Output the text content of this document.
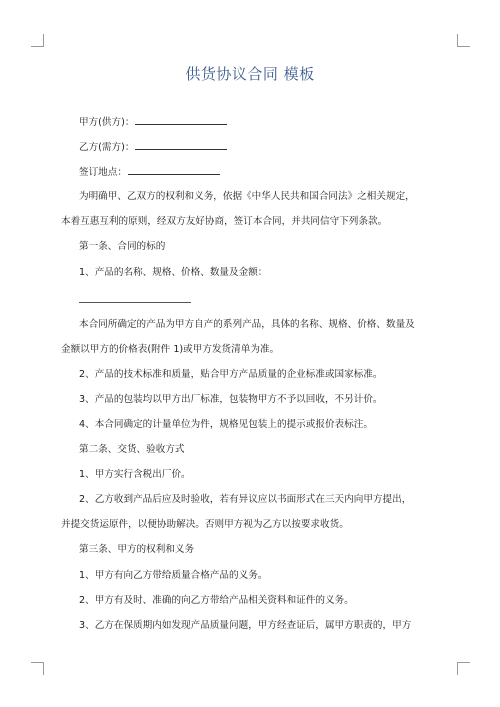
供货协议合同 模板
甲方(供方)：
乙方(需方)：
签订地点：
为明确甲、乙双方的权利和义务，依据《中华人民共和国合同法》之相关规定，
本着互惠互利的原则，经双方友好协商，签订本合同，并共同信守下列条款。
第一条、合同的标的
1、产品的名称、规格、价格、数量及金额：
本合同所确定的产品为甲方自产的系列产品，具体的名称、规格、价格、数量及
金额以甲方的价格表(附件 1)或甲方发货清单为准。
2、产品的技术标准和质量，贴合甲方产品质量的企业标准或国家标准。
3、产品的包装均以甲方出厂标准，包装物甲方不予以回收，不另计价。
4、本合同确定的计量单位为件，规格见包装上的提示或报价表标注。
第二条、交货、验收方式
1、甲方实行含税出厂价。
2、乙方收到产品后应及时验收，若有异议应以书面形式在三天内向甲方提出，
并提交货运原件，以便协助解决。否则甲方视为乙方以按要求收货。
第三条、甲方的权利和义务
1、甲方有向乙方带给质量合格产品的义务。
2、甲方有及时、准确的向乙方带给产品相关资料和证件的义务。
3、乙方在保质期内如发现产品质量问题，甲方经查证后，属甲方职责的，甲方
